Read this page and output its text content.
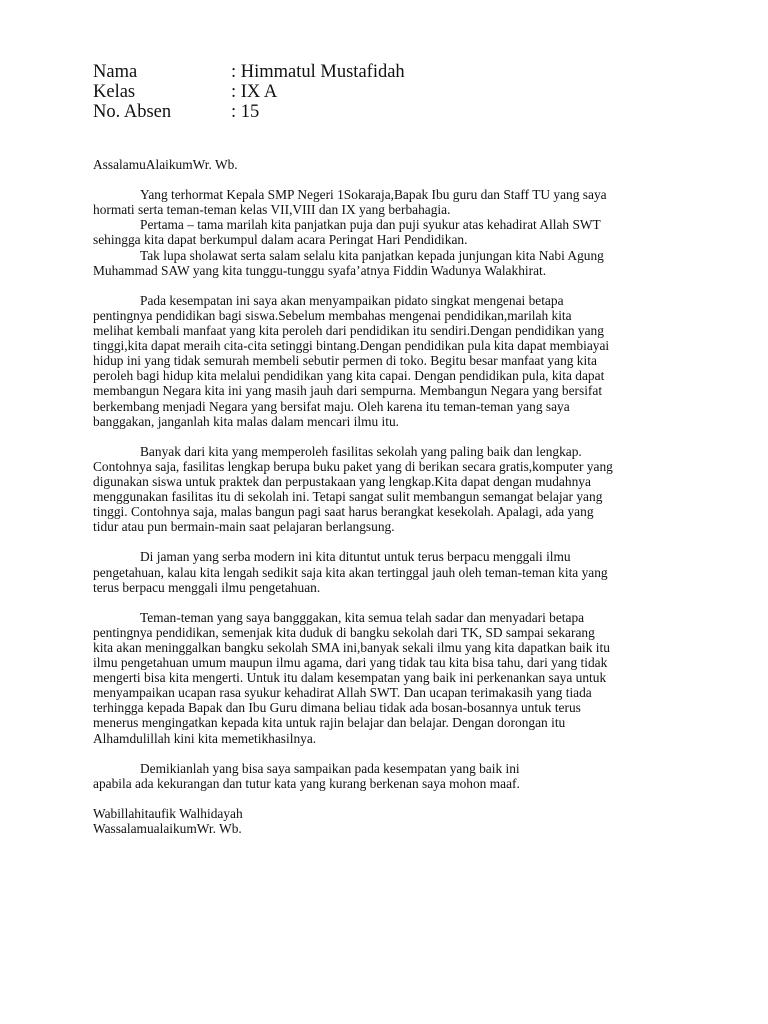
Nama	: Himmatul Mustafidah
Kelas	: IX A
No. Absen	: 15
AssalamuAlaikumWr. Wb.
Yang terhormat Kepala SMP Negeri 1Sokaraja,Bapak Ibu guru dan Staff TU yang saya
hormati serta teman-teman kelas VII,VIII dan IX yang berbahagia.
Pertama – tama marilah kita panjatkan puja dan puji syukur atas kehadirat Allah SWT
sehingga kita dapat berkumpul dalam acara Peringat Hari Pendidikan.
Tak lupa sholawat serta salam selalu kita panjatkan kepada junjungan kita Nabi Agung
Muhammad SAW yang kita tunggu-tunggu syafa’atnya Fiddin Wadunya Walakhirat.
Pada kesempatan ini saya akan menyampaikan pidato singkat mengenai betapa
pentingnya pendidikan bagi siswa.Sebelum membahas mengenai pendidikan,marilah kita
melihat kembali manfaat yang kita peroleh dari pendidikan itu sendiri.Dengan pendidikan yang
tinggi,kita dapat meraih cita-cita setinggi bintang.Dengan pendidikan pula kita dapat membiayai
hidup ini yang tidak semurah membeli sebutir permen di toko. Begitu besar manfaat yang kita
peroleh bagi hidup kita melalui pendidikan yang kita capai. Dengan pendidikan pula, kita dapat
membangun Negara kita ini yang masih jauh dari sempurna. Membangun Negara yang bersifat
berkembang menjadi Negara yang bersifat maju. Oleh karena itu teman-teman yang saya
banggakan, janganlah kita malas dalam mencari ilmu itu.
Banyak dari kita yang memperoleh fasilitas sekolah yang paling baik dan lengkap.
Contohnya saja, fasilitas lengkap berupa buku paket yang di berikan secara gratis,komputer yang
digunakan siswa untuk praktek dan perpustakaan yang lengkap.Kita dapat dengan mudahnya
menggunakan fasilitas itu di sekolah ini. Tetapi sangat sulit membangun semangat belajar yang
tinggi. Contohnya saja, malas bangun pagi saat harus berangkat kesekolah. Apalagi, ada yang
tidur atau pun bermain-main saat pelajaran berlangsung.
Di jaman yang serba modern ini kita dituntut untuk terus berpacu menggali ilmu
pengetahuan, kalau kita lengah sedikit saja kita akan tertinggal jauh oleh teman-teman kita yang
terus berpacu menggali ilmu pengetahuan.
Teman-teman yang saya bangggakan, kita semua telah sadar dan menyadari betapa
pentingnya pendidikan, semenjak kita duduk di bangku sekolah dari TK, SD sampai sekarang
kita akan meninggalkan bangku sekolah SMA ini,banyak sekali ilmu yang kita dapatkan baik itu
ilmu pengetahuan umum maupun ilmu agama, dari yang tidak tau kita bisa tahu, dari yang tidak
mengerti bisa kita mengerti. Untuk itu dalam kesempatan yang baik ini perkenankan saya untuk
menyampaikan ucapan rasa syukur kehadirat Allah SWT. Dan ucapan terimakasih yang tiada
terhingga kepada Bapak dan Ibu Guru dimana beliau tidak ada bosan-bosannya untuk terus
menerus mengingatkan kepada kita untuk rajin belajar dan belajar. Dengan dorongan itu
Alhamdulillah kini kita memetikhasilnya.
Demikianlah yang bisa saya sampaikan pada kesempatan yang baik ini
apabila ada kekurangan dan tutur kata yang kurang berkenan saya mohon maaf.
Wabillahitaufik Walhidayah
WassalamualaikumWr. Wb.
